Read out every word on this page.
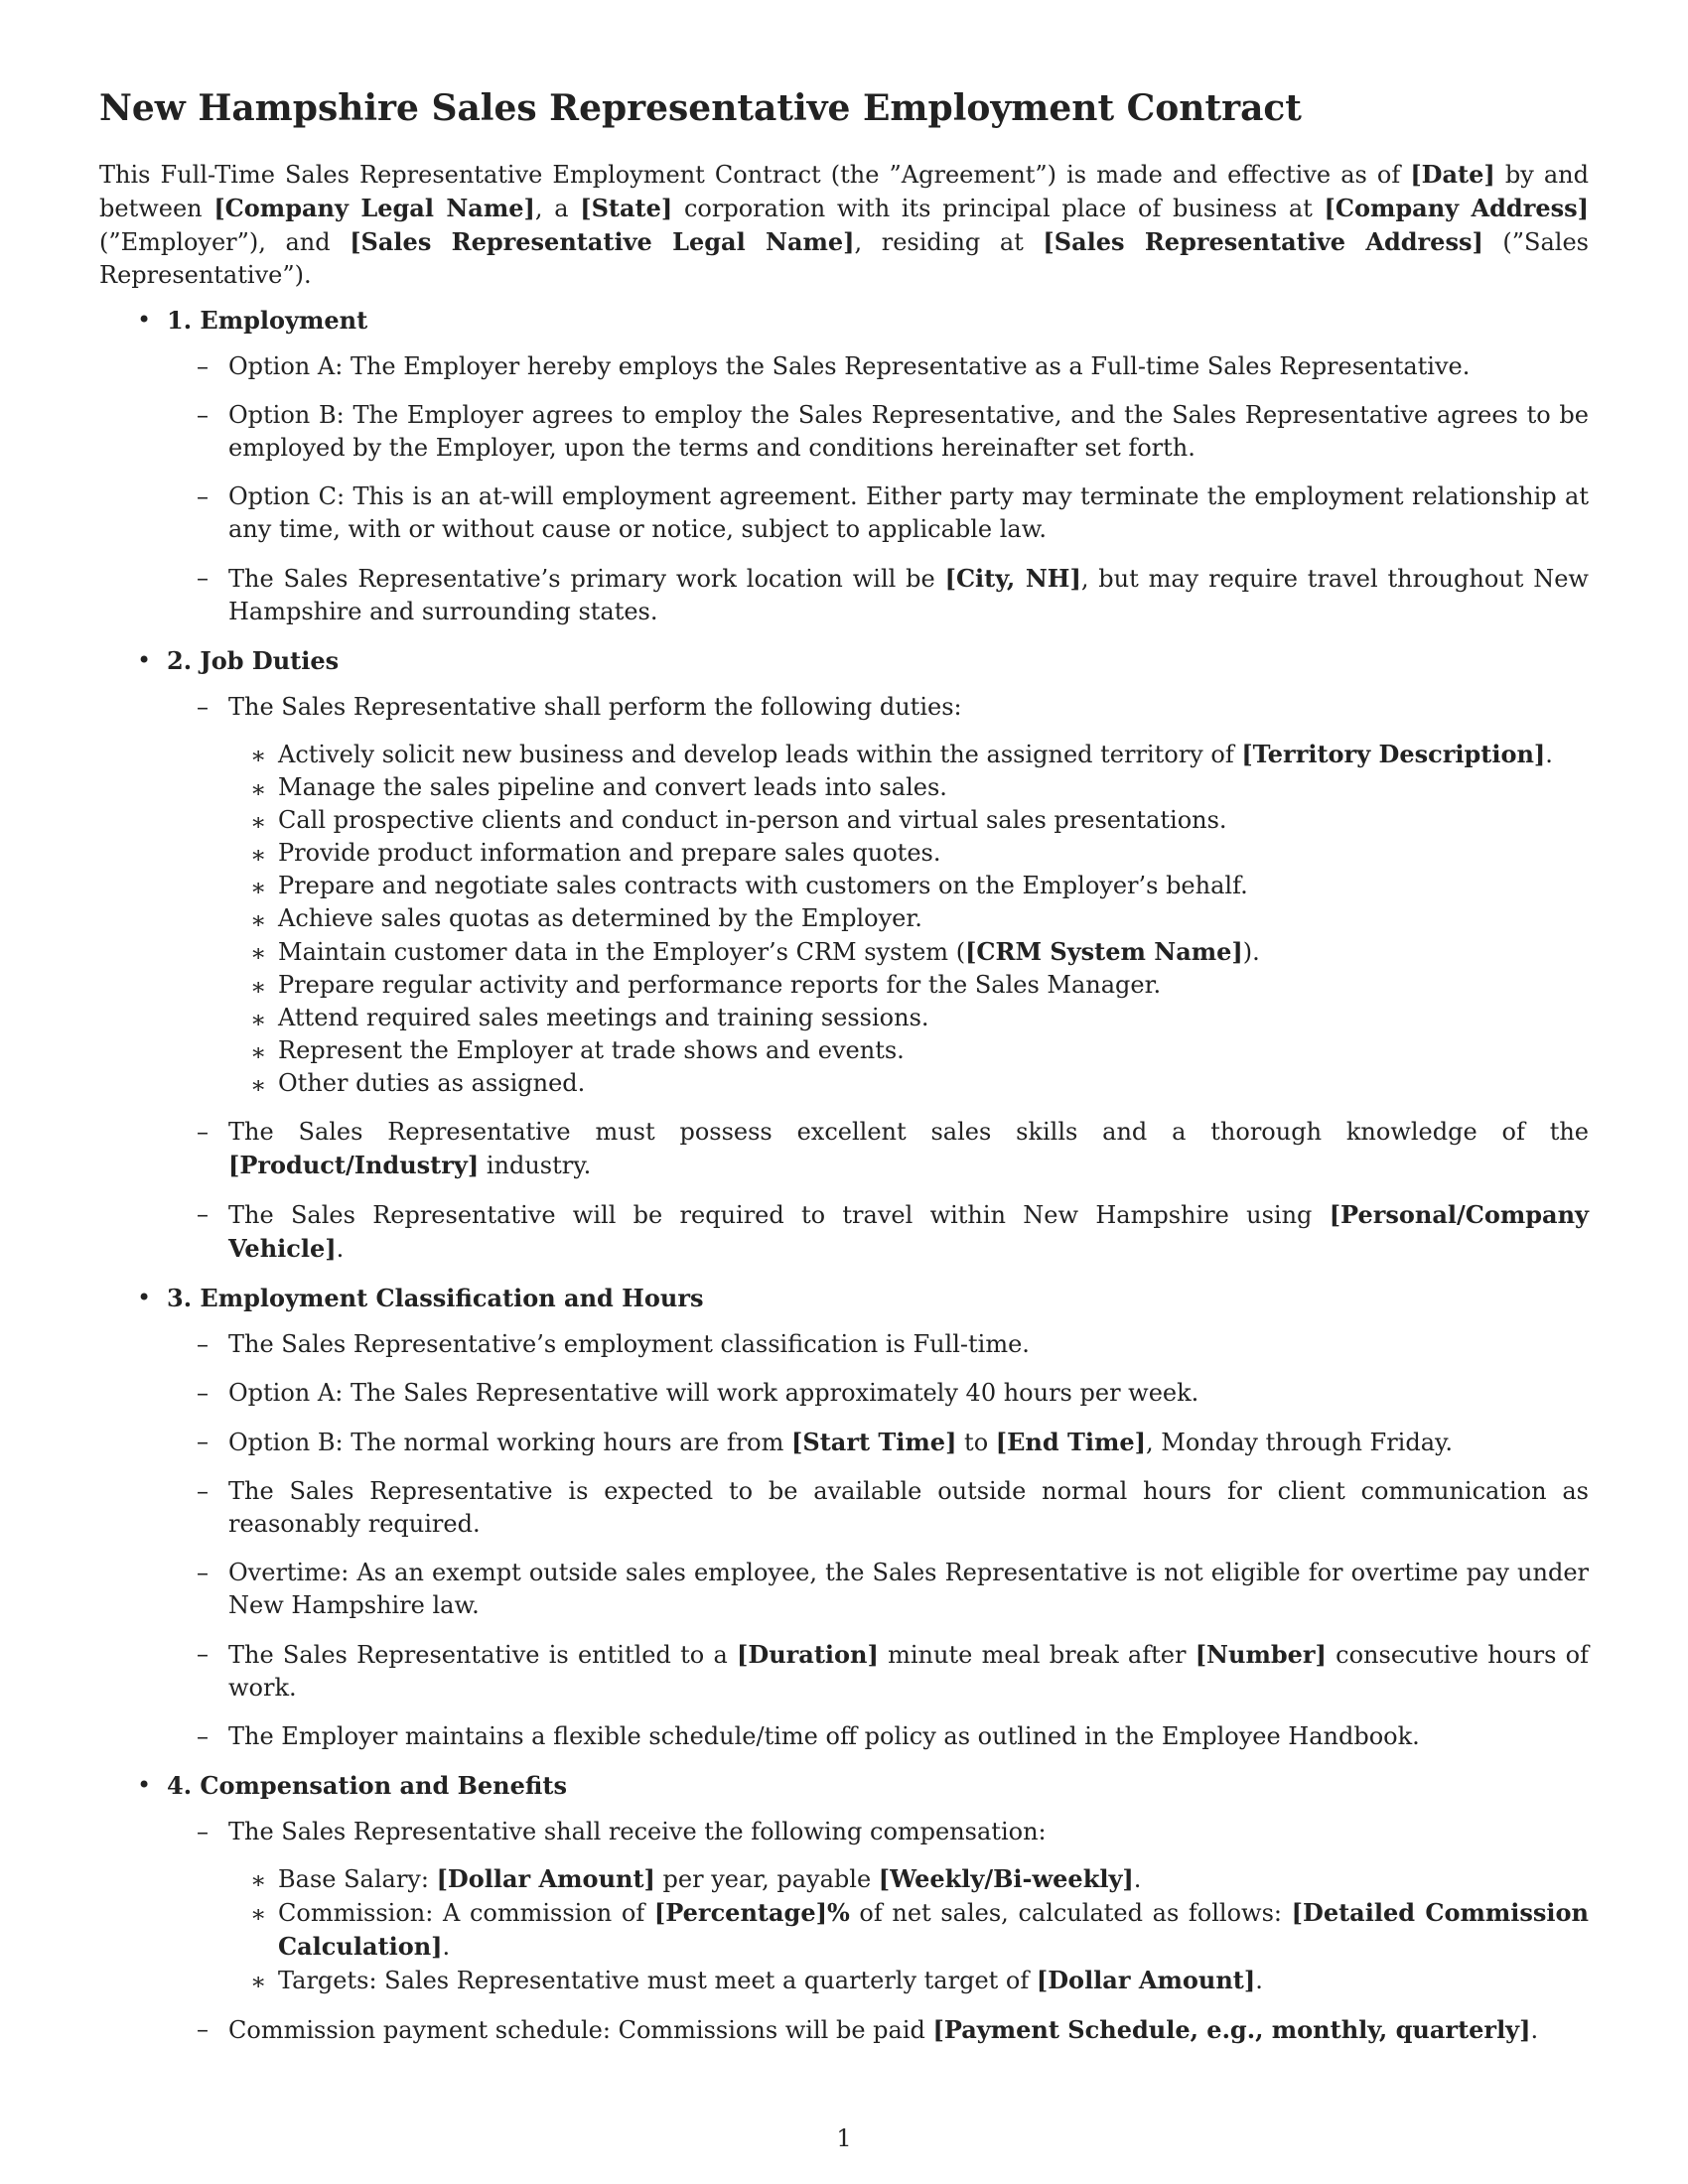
New Hampshire Sales Representative Employment Contract

This Full-Time Sales Representative Employment Contract (the ”Agreement”) is made and effective as of [Date] by and between [Company Legal Name], a [State] corporation with its principal place of business at [Company Address] (”Employer”), and [Sales Representative Legal Name], residing at [Sales Representative Address] (”Sales Representative”).

• 1. Employment
– Option A: The Employer hereby employs the Sales Representative as a Full-time Sales Representative.
– Option B: The Employer agrees to employ the Sales Representative, and the Sales Representative agrees to be employed by the Employer, upon the terms and conditions hereinafter set forth.
– Option C: This is an at-will employment agreement. Either party may terminate the employment relationship at any time, with or without cause or notice, subject to applicable law.
– The Sales Representative’s primary work location will be [City, NH], but may require travel throughout New Hampshire and surrounding states.
• 2. Job Duties
– The Sales Representative shall perform the following duties:
∗ Actively solicit new business and develop leads within the assigned territory of [Territory Description].
∗ Manage the sales pipeline and convert leads into sales.
∗ Call prospective clients and conduct in-person and virtual sales presentations.
∗ Provide product information and prepare sales quotes.
∗ Prepare and negotiate sales contracts with customers on the Employer’s behalf.
∗ Achieve sales quotas as determined by the Employer.
∗ Maintain customer data in the Employer’s CRM system ([CRM System Name]).
∗ Prepare regular activity and performance reports for the Sales Manager.
∗ Attend required sales meetings and training sessions.
∗ Represent the Employer at trade shows and events.
∗ Other duties as assigned.
– The Sales Representative must possess excellent sales skills and a thorough knowledge of the [Product/Industry] industry.
– The Sales Representative will be required to travel within New Hampshire using [Personal/Company Vehicle].
• 3. Employment Classification and Hours
– The Sales Representative’s employment classification is Full-time.
– Option A: The Sales Representative will work approximately 40 hours per week.
– Option B: The normal working hours are from [Start Time] to [End Time], Monday through Friday.
– The Sales Representative is expected to be available outside normal hours for client communication as reasonably required.
– Overtime: As an exempt outside sales employee, the Sales Representative is not eligible for overtime pay under New Hampshire law.
– The Sales Representative is entitled to a [Duration] minute meal break after [Number] consecutive hours of work.
– The Employer maintains a flexible schedule/time off policy as outlined in the Employee Handbook.
• 4. Compensation and Benefits
– The Sales Representative shall receive the following compensation:
∗ Base Salary: [Dollar Amount] per year, payable [Weekly/Bi-weekly].
∗ Commission: A commission of [Percentage]% of net sales, calculated as follows: [Detailed Commission Calculation].
∗ Targets: Sales Representative must meet a quarterly target of [Dollar Amount].
– Commission payment schedule: Commissions will be paid [Payment Schedule, e.g., monthly, quarterly].
1
